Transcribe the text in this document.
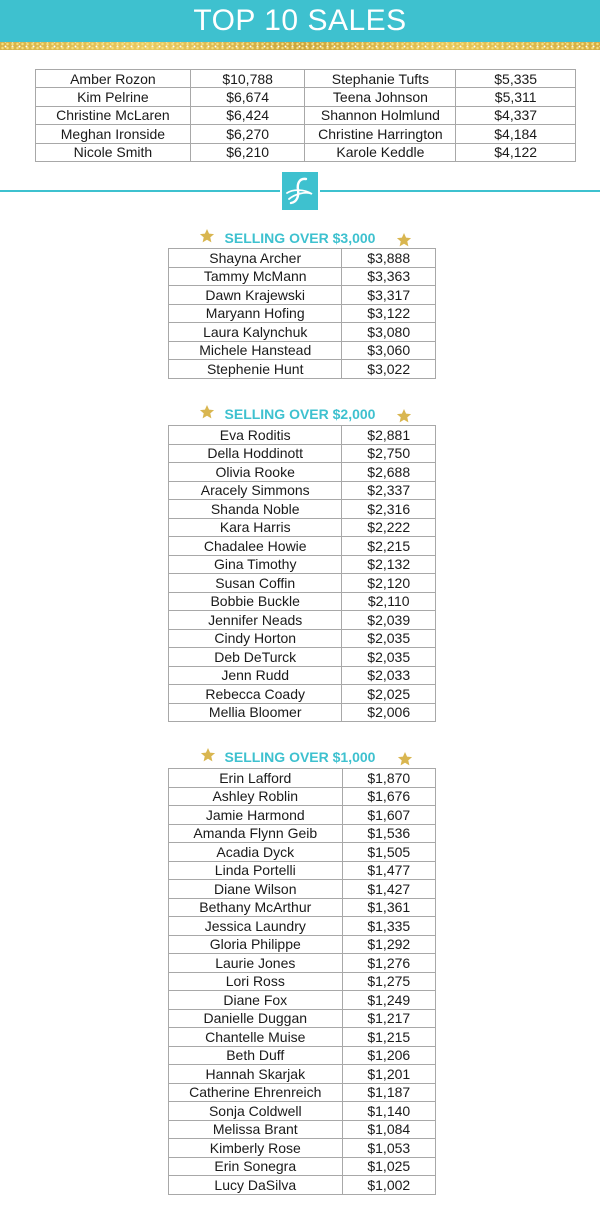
TOP 10 SALES
Amber Rozon	$10,788	Stephanie Tufts	$5,335
Kim Pelrine	$6,674	Teena Johnson	$5,311
Christine McLaren	$6,424	Shannon Holmlund	$4,337
Meghan Ironside	$6,270	Christine Harrington	$4,184
Nicole Smith	$6,210	Karole Keddle	$4,122
SELLING OVER $3,000
Shayna Archer	$3,888
Tammy McMann	$3,363
Dawn Krajewski	$3,317
Maryann Hofing	$3,122
Laura Kalynchuk	$3,080
Michele Hanstead	$3,060
Stephenie Hunt	$3,022
SELLING OVER $2,000
Eva Roditis	$2,881
Della Hoddinott	$2,750
Olivia Rooke	$2,688
Aracely Simmons	$2,337
Shanda Noble	$2,316
Kara Harris	$2,222
Chadalee Howie	$2,215
Gina Timothy	$2,132
Susan Coffin	$2,120
Bobbie Buckle	$2,110
Jennifer Neads	$2,039
Cindy Horton	$2,035
Deb DeTurck	$2,035
Jenn Rudd	$2,033
Rebecca Coady	$2,025
Mellia Bloomer	$2,006
SELLING OVER $1,000
Erin Lafford	$1,870
Ashley Roblin	$1,676
Jamie Harmond	$1,607
Amanda Flynn Geib	$1,536
Acadia Dyck	$1,505
Linda Portelli	$1,477
Diane Wilson	$1,427
Bethany McArthur	$1,361
Jessica Laundry	$1,335
Gloria Philippe	$1,292
Laurie Jones	$1,276
Lori Ross	$1,275
Diane Fox	$1,249
Danielle Duggan	$1,217
Chantelle Muise	$1,215
Beth Duff	$1,206
Hannah Skarjak	$1,201
Catherine Ehrenreich	$1,187
Sonja Coldwell	$1,140
Melissa Brant	$1,084
Kimberly Rose	$1,053
Erin Sonegra	$1,025
Lucy DaSilva	$1,002
